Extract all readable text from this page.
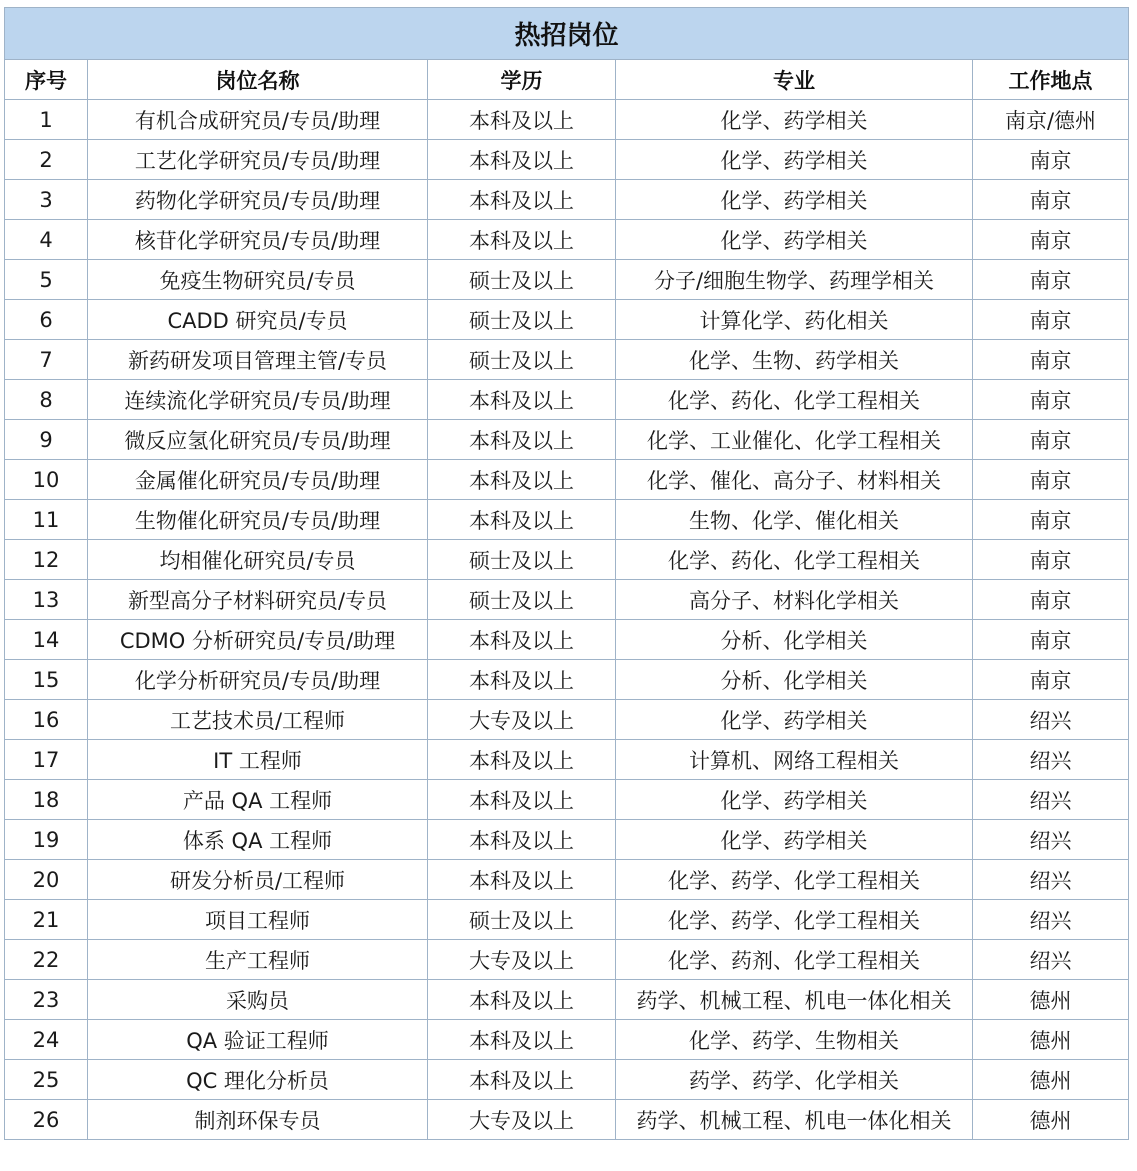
热招岗位				
序号	岗位名称	学历	专业	工作地点
1	有机合成研究员/专员/助理	本科及以上	化学、药学相关	南京/德州
2	工艺化学研究员/专员/助理	本科及以上	化学、药学相关	南京
3	药物化学研究员/专员/助理	本科及以上	化学、药学相关	南京
4	核苷化学研究员/专员/助理	本科及以上	化学、药学相关	南京
5	免疫生物研究员/专员	硕士及以上	分子/细胞生物学、药理学相关	南京
6	CADD 研究员/专员	硕士及以上	计算化学、药化相关	南京
7	新药研发项目管理主管/专员	硕士及以上	化学、生物、药学相关	南京
8	连续流化学研究员/专员/助理	本科及以上	化学、药化、化学工程相关	南京
9	微反应氢化研究员/专员/助理	本科及以上	化学、工业催化、化学工程相关	南京
10	金属催化研究员/专员/助理	本科及以上	化学、催化、高分子、材料相关	南京
11	生物催化研究员/专员/助理	本科及以上	生物、化学、催化相关	南京
12	均相催化研究员/专员	硕士及以上	化学、药化、化学工程相关	南京
13	新型高分子材料研究员/专员	硕士及以上	高分子、材料化学相关	南京
14	CDMO 分析研究员/专员/助理	本科及以上	分析、化学相关	南京
15	化学分析研究员/专员/助理	本科及以上	分析、化学相关	南京
16	工艺技术员/工程师	大专及以上	化学、药学相关	绍兴
17	IT 工程师	本科及以上	计算机、网络工程相关	绍兴
18	产品 QA 工程师	本科及以上	化学、药学相关	绍兴
19	体系 QA 工程师	本科及以上	化学、药学相关	绍兴
20	研发分析员/工程师	本科及以上	化学、药学、化学工程相关	绍兴
21	项目工程师	硕士及以上	化学、药学、化学工程相关	绍兴
22	生产工程师	大专及以上	化学、药剂、化学工程相关	绍兴
23	采购员	本科及以上	药学、机械工程、机电一体化相关	德州
24	QA 验证工程师	本科及以上	化学、药学、生物相关	德州
25	QC 理化分析员	本科及以上	药学、药学、化学相关	德州
26	制剂环保专员	大专及以上	药学、机械工程、机电一体化相关	德州
